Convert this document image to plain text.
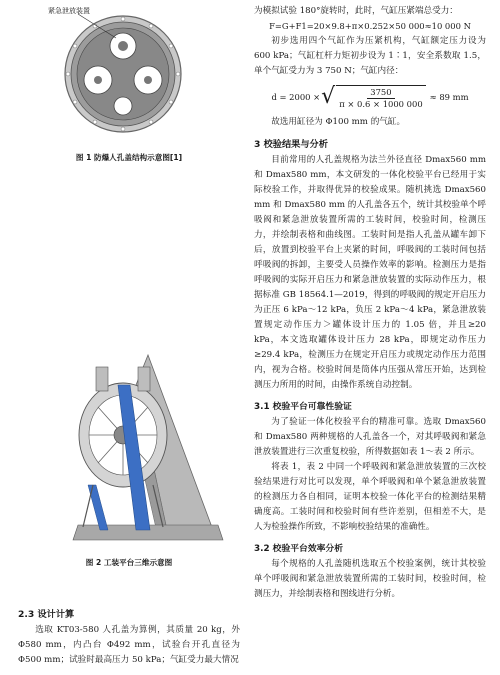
紧急泄放装置
图 1 防爆人孔盖结构示意图[1]
图 2 工装平台三维示意图
2.3 设计计算

选取 KT03-580 人孔盖为算例，其质量 20 kg，外 Φ580 mm，内凸台 Φ492 mm，试验台开孔直径为 Φ500 mm；试验时最高压力 50 kPa；气缸受力最大情况

为模拟试验 180°旋转时，此时，气缸压紧端总受力：

F=G+F1=20×9.8+π×0.252×50 000≈10 000 N

初步选用四个气缸作为压紧机构，气缸额定压力设为 600 kPa；气缸杠杆力矩初步设为 1∶1，安全系数取 1.5，单个气缸受力为 3 750 N；气缸内径：

d = 2000 × √ $\frac{3750}{\pi \times 0.6 \times 1000 000} \approx 89$ mm

故选用缸径为 Φ100 mm 的气缸。

3 校验结果与分析

目前常用的人孔盖规格为法兰外径直径 Dmax560 mm 和 Dmax580 mm，本文研发的一体化校验平台已经用于实际校验工作，并取得优异的校验成果。随机挑选 Dmax560 mm 和 Dmax580 mm 的人孔盖各五个，统计其校验单个呼吸阀和紧急泄放装置所需的工装时间，校验时间，检测压力，并绘制表格和曲线图。工装时间是指人孔盖从罐车卸下后，放置到校验平台上夹紧的时间，呼吸阀的工装时间包括呼吸阀的拆卸，主要受人员操作效率的影响。检测压力是指呼吸阀的实际开启压力和紧急泄放装置的实际动作压力，根据标准 GB 18564.1—2019，得到的呼吸阀的规定开启压力为正压 6 kPa～12 kPa，负压 2 kPa～4 kPa，紧急泄放装置规定动作压力＞罐体设计压力的 1.05 倍，并且≥20 kPa，本文选取罐体设计压力 28 kPa，即规定动作压力≥29.4 kPa，检测压力在规定开启压力或规定动作压力范围内，视为合格。校验时间是筒体内压强从常压开始，达到检测压力所用的时间，由操作系统自动控制。

3.1 校验平台可靠性验证

为了验证一体化校验平台的精准可靠。选取 Dmax560 和 Dmax580 两种规格的人孔盖各一个，对其呼吸阀和紧急泄放装置进行三次重复校验，所得数据如表 1～表 2 所示。

将表 1，表 2 中同一个呼吸阀和紧急泄放装置的三次校验结果进行对比可以发现，单个呼吸阀和单个紧急泄放装置的检测压力各自相同，证明本校验一体化平台的检测结果精确度高。工装时间和校验时间有些许差别，但相差不大，是人为检验操作所致，不影响校验结果的准确性。

3.2 校验平台效率分析

每个规格的人孔盖随机选取五个校验案例，统计其校验单个呼吸阀和紧急泄放装置所需的工装时间，校验时间，检测压力，并绘制表格和图线进行分析。
